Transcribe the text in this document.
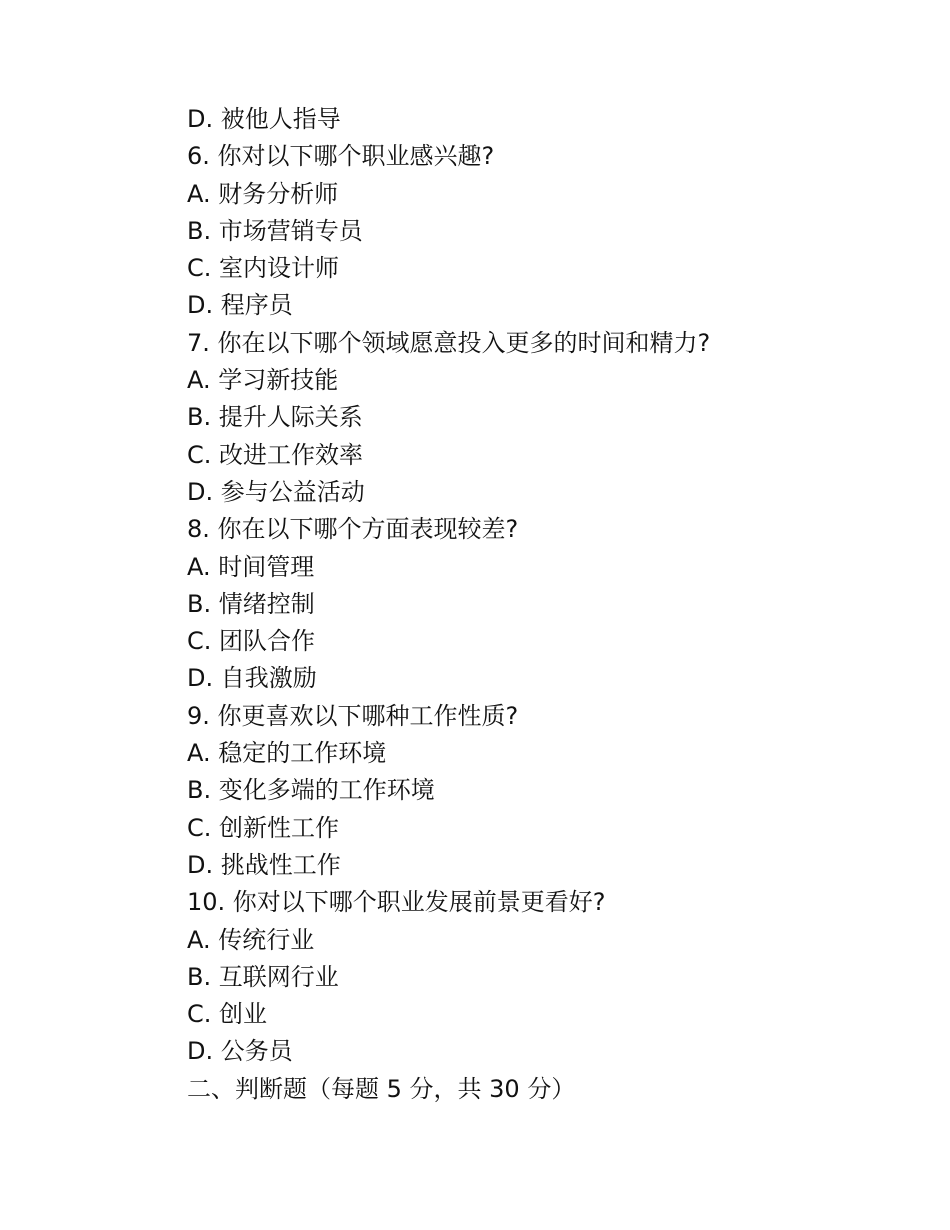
D. 被他人指导
6. 你对以下哪个职业感兴趣?
A. 财务分析师
B. 市场营销专员
C. 室内设计师
D. 程序员
7. 你在以下哪个领域愿意投入更多的时间和精力?
A. 学习新技能
B. 提升人际关系
C. 改进工作效率
D. 参与公益活动
8. 你在以下哪个方面表现较差?
A. 时间管理
B. 情绪控制
C. 团队合作
D. 自我激励
9. 你更喜欢以下哪种工作性质?
A. 稳定的工作环境
B. 变化多端的工作环境
C. 创新性工作
D. 挑战性工作
10. 你对以下哪个职业发展前景更看好?
A. 传统行业
B. 互联网行业
C. 创业
D. 公务员
二、判断题（每题 5 分，共 30 分）
